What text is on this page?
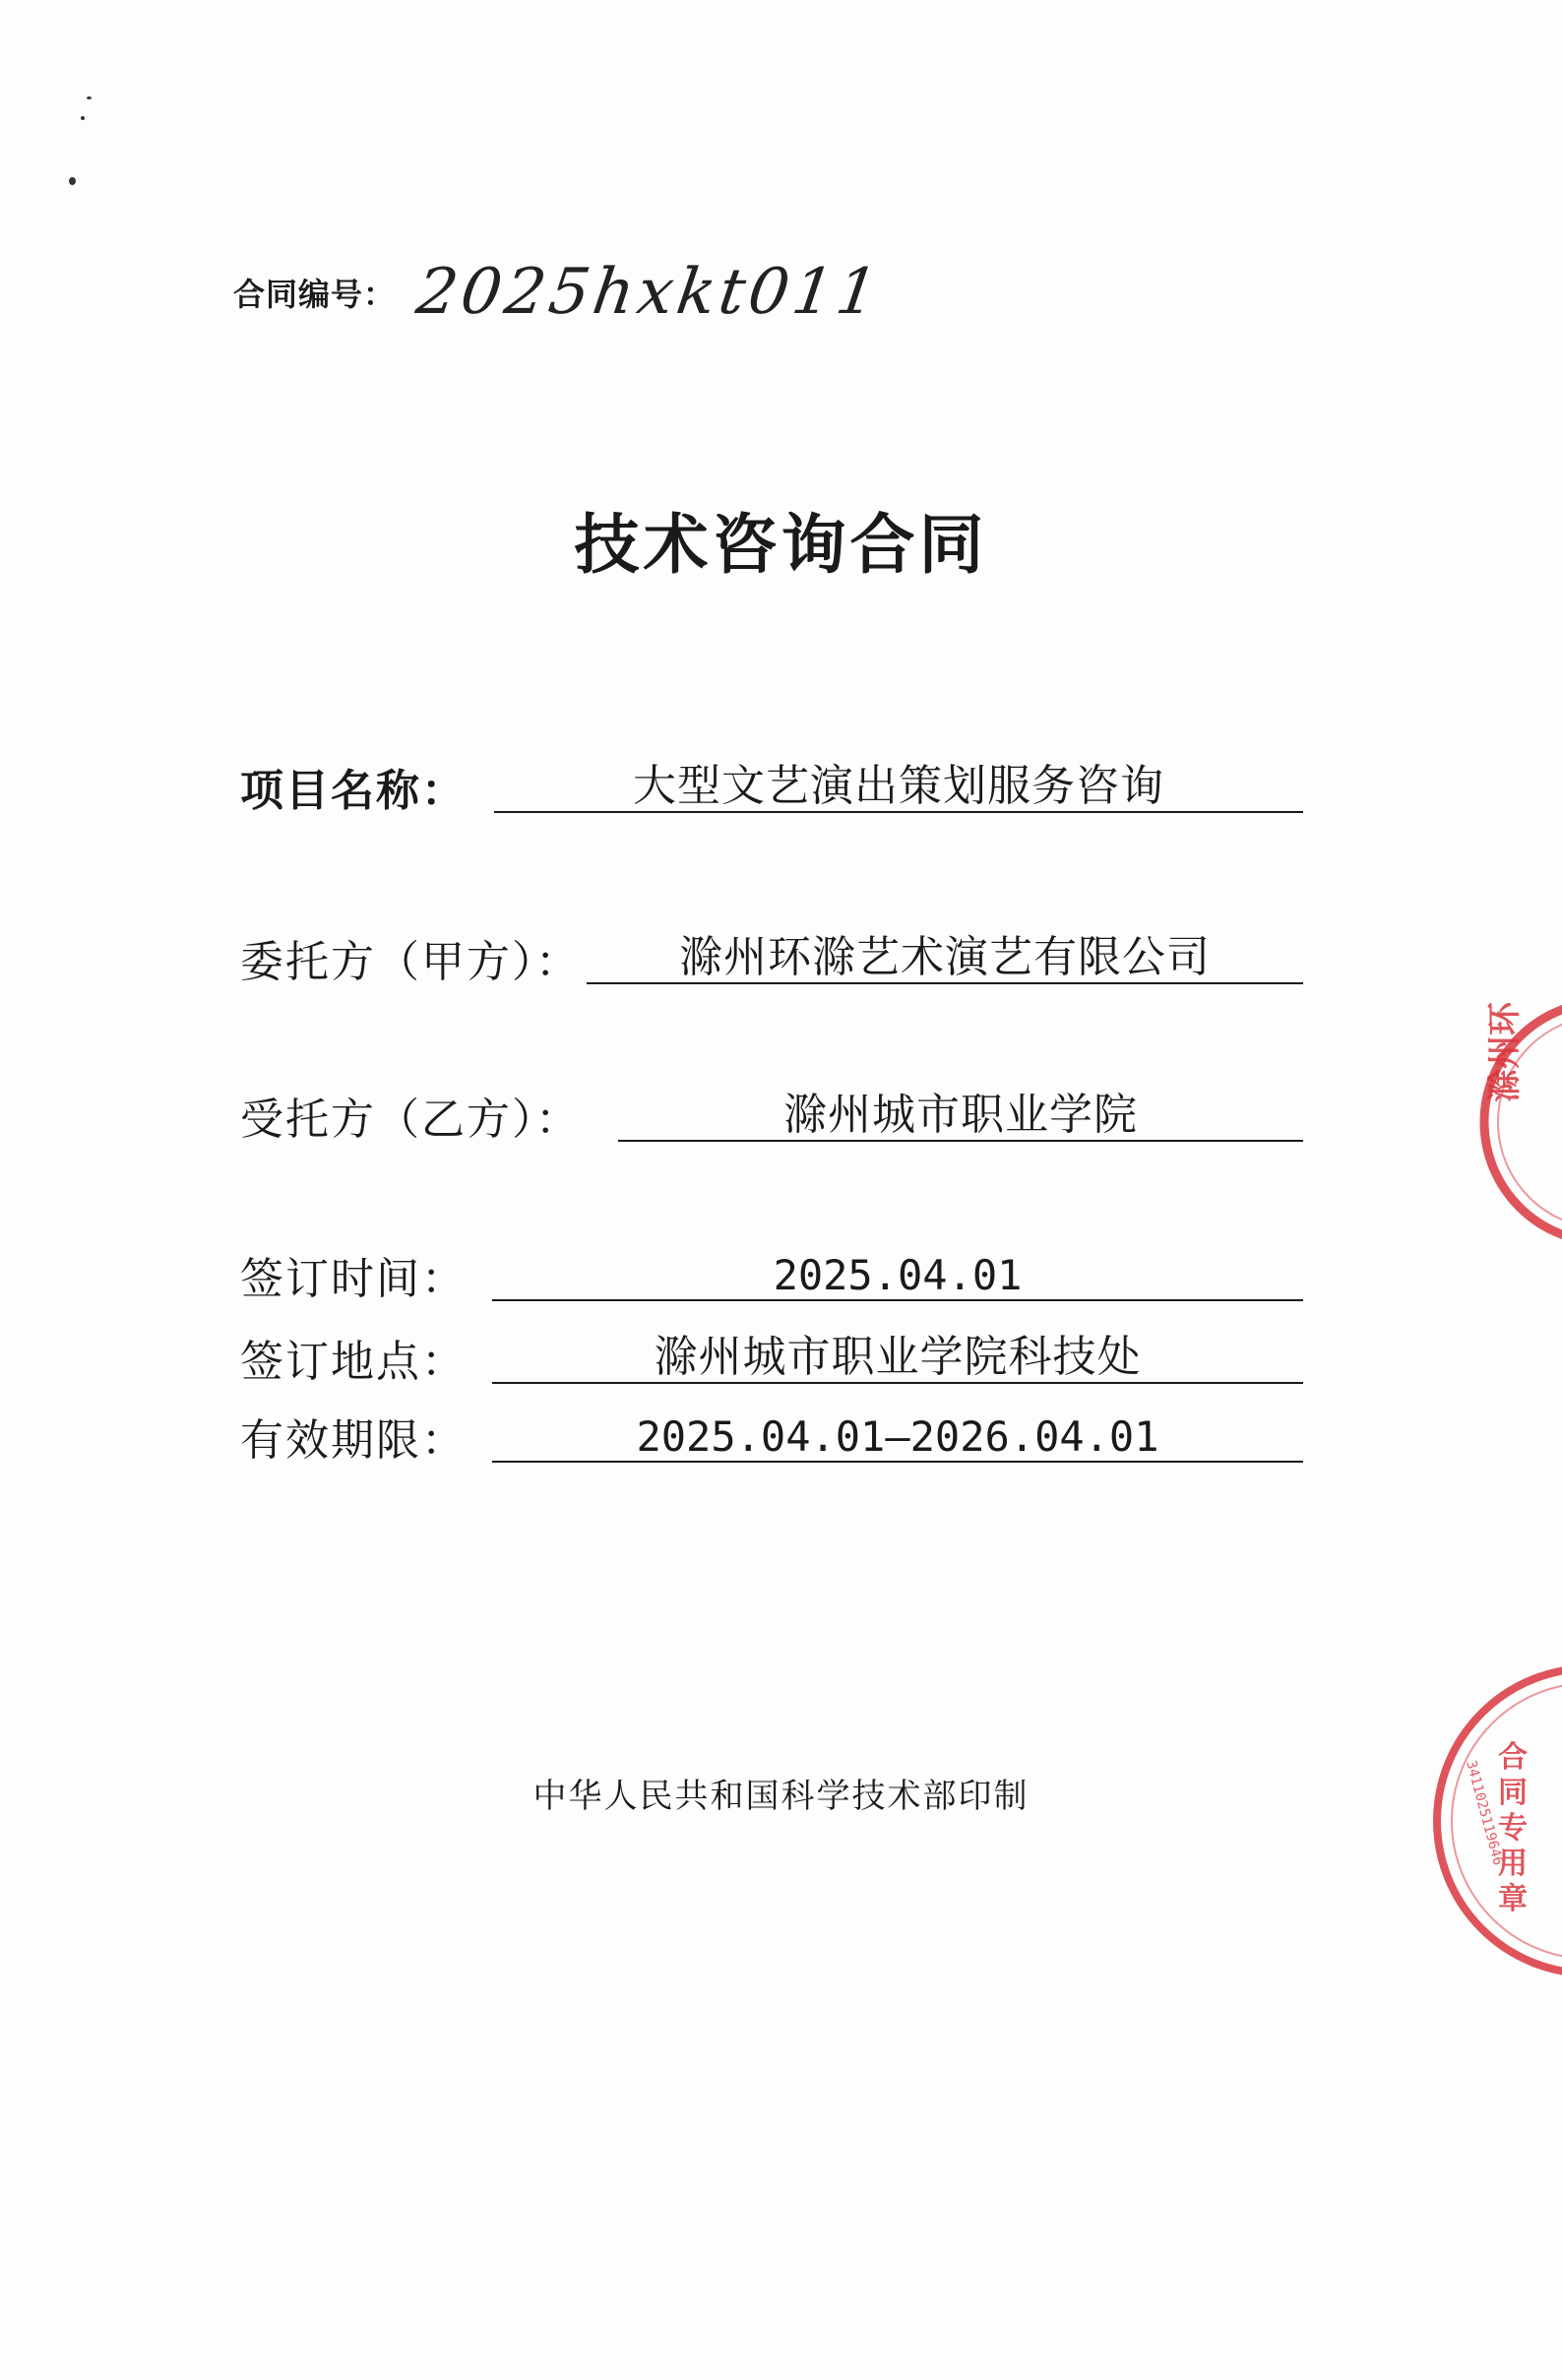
合同编号： 2025hxkt011
技术咨询合同
项目名称：	大型文艺演出策划服务咨询
委托方（甲方）：	滁州环滁艺术演艺有限公司
受托方（乙方）：	滁州城市职业学院
签订时间：	2025.04.01
签订地点：	滁州城市职业学院科技处
有效期限：	2025.04.01—2026.04.01
中华人民共和国科学技术部印制
滁州环
合 同 专 用 章
3411025119646
